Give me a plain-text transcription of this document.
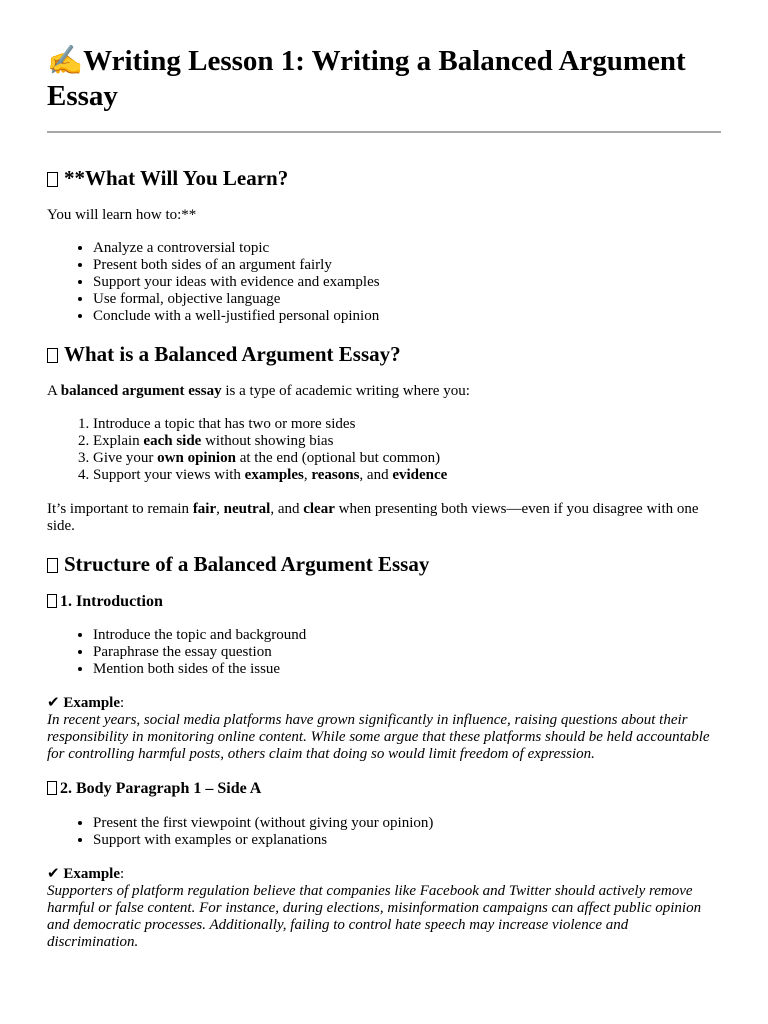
✍Writing Lesson 1: Writing a Balanced Argument Essay
**What Will You Learn?

You will learn how to:**

• Analyze a controversial topic
• Present both sides of an argument fairly
• Support your ideas with evidence and examples
• Use formal, objective language
• Conclude with a well-justified personal opinion
What is a Balanced Argument Essay?

A balanced argument essay is a type of academic writing where you:

1. Introduce a topic that has two or more sides
2. Explain each side without showing bias
3. Give your own opinion at the end (optional but common)
4. Support your views with examples, reasons, and evidence

It’s important to remain fair, neutral, and clear when presenting both views—even if you disagree with one side.

Structure of a Balanced Argument Essay
1. Introduction
• Introduce the topic and background
• Paraphrase the essay question
• Mention both sides of the issue

✔ Example:
In recent years, social media platforms have grown significantly in influence, raising questions about their responsibility in monitoring online content. While some argue that these platforms should be held accountable for controlling harmful posts, others claim that doing so would limit freedom of expression.

2. Body Paragraph 1 – Side A
• Present the first viewpoint (without giving your opinion)
• Support with examples or explanations

✔ Example:
Supporters of platform regulation believe that companies like Facebook and Twitter should actively remove harmful or false content. For instance, during elections, misinformation campaigns can affect public opinion and democratic processes. Additionally, failing to control hate speech may increase violence and discrimination.
